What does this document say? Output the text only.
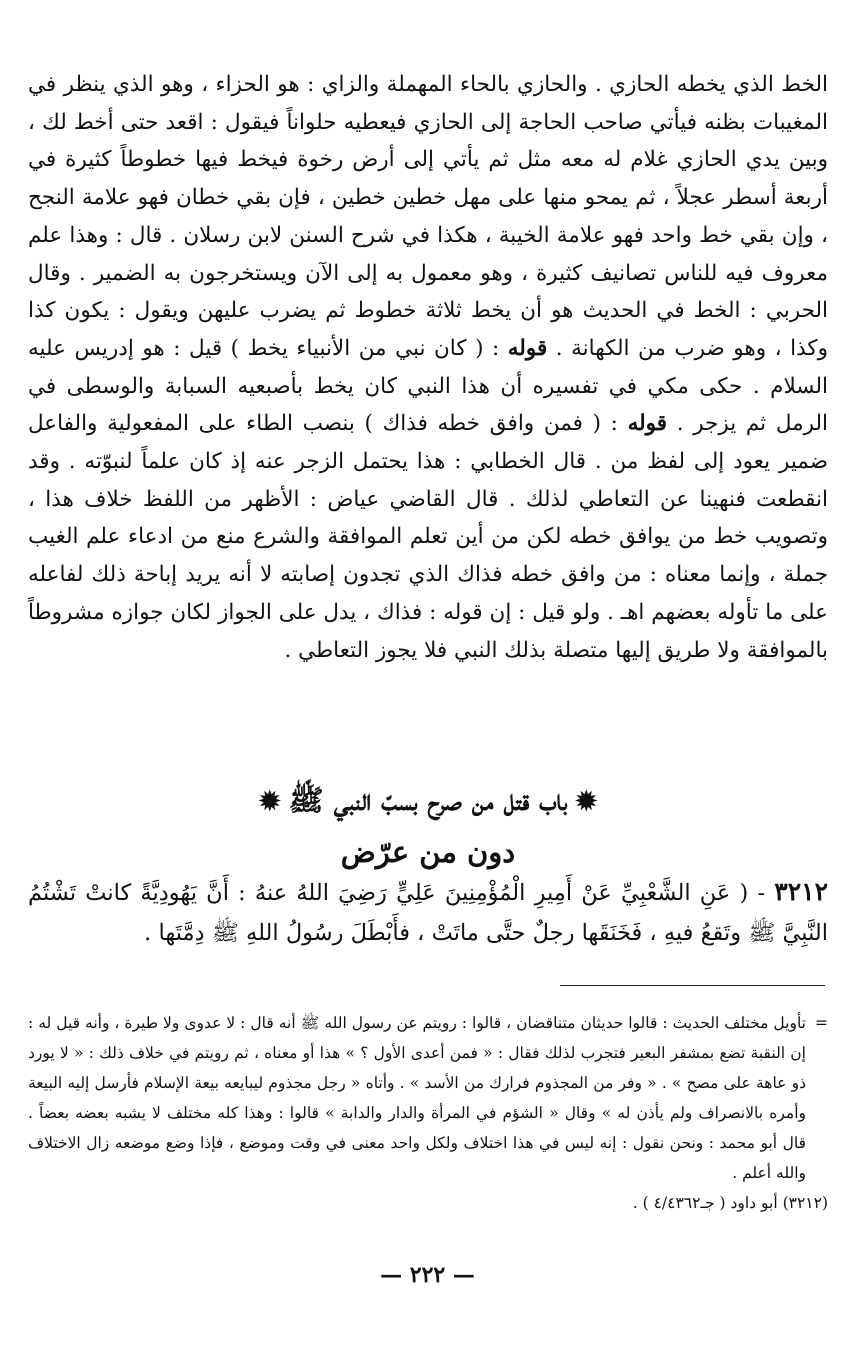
الخط الذي يخطه الحازي . والحازي بالحاء المهملة والزاي : هو الحزاء ، وهو الذي ينظر في المغيبات بظنه فيأتي صاحب الحاجة إلى الحازي فيعطيه حلواناً فيقول : اقعد حتى أخط لك ، وبين يدي الحازي غلام له معه مثل ثم يأتي إلى أرض رخوة فيخط فيها خطوطاً كثيرة في أربعة أسطر عجلاً ، ثم يمحو منها على مهل خطين خطين ، فإن بقي خطان فهو علامة النجح ، وإن بقي خط واحد فهو علامة الخيبة ، هكذا في شرح السنن لابن رسلان . قال : وهذا علم معروف فيه للناس تصانيف كثيرة ، وهو معمول به إلى الآن ويستخرجون به الضمير . وقال الحربي : الخط في الحديث هو أن يخط ثلاثة خطوط ثم يضرب عليهن ويقول : يكون كذا وكذا ، وهو ضرب من الكهانة . قوله : ( كان نبي من الأنبياء يخط ) قيل : هو إدريس عليه السلام . حكى مكي في تفسيره أن هذا النبي كان يخط بأصبعيه السبابة والوسطى في الرمل ثم يزجر . قوله : ( فمن وافق خطه فذاك ) بنصب الطاء على المفعولية والفاعل ضمير يعود إلى لفظ من . قال الخطابي : هذا يحتمل الزجر عنه إذ كان علماً لنبوّته . وقد انقطعت فنهينا عن التعاطي لذلك . قال القاضي عياض : الأظهر من اللفظ خلاف هذا ، وتصويب خط من يوافق خطه لكن من أين تعلم الموافقة والشرع منع من ادعاء علم الغيب جملة ، وإنما معناه : من وافق خطه فذاك الذي تجدون إصابته لا أنه يريد إباحة ذلك لفاعله على ما تأوله بعضهم اهـ . ولو قيل : إن قوله : فذاك ، يدل على الجواز لكان جوازه مشروطاً بالموافقة ولا طريق إليها متصلة بذلك النبي فلا يجوز التعاطي .

✹باب قتل من صرح بسبّ النبي ﷺ✹
دون من عرّض

٣٢١٢ - ( عَنِ الشَّعْبِيِّ عَنْ أَمِيرِ الْمُؤْمِنِينَ عَلِيٍّ رَضِيَ اللهُ عنهُ : أَنَّ يَهُودِيَّةً كانتْ تَشْتُمُ النَّبِيَّ ﷺ وتَقعُ فيهِ ، فَخَنَقَها رجلٌ حتَّى ماتَتْ ، فأَبْطَلَ رسُولُ اللهِ ﷺ دِمَّتَها .

=
تأويل مختلف الحديث : قالوا حديثان متناقضان ، قالوا : رويتم عن رسول الله ﷺ أنه قال : لا عدوى ولا طيرة ، وأنه قيل له : إن النقبة تضع بمشفر البعير فتجرب لذلك فقال : « فمن أعدى الأول ؟ » هذا أو معناه ، ثم رويتم في خلاف ذلك : « لا يورد ذو عاهة على مصح » . « وفر من المجذوم فرارك من الأسد » . وأتاه « رجل مجذوم ليبايعه بيعة الإسلام فأرسل إليه البيعة وأمره بالانصراف ولم يأذن له » وقال « الشؤم في المرأة والدار والدابة » قالوا : وهذا كله مختلف لا يشبه بعضه بعضاً . قال أبو محمد : ونحن نقول : إنه ليس في هذا اختلاف ولكل واحد معنى في وقت وموضع ، فإذا وضع موضعه زال الاختلاف والله أعلم .
(٣٢١٢) أبو داود ( جـ٤/٤٣٦٢ ) .
— ٢٢٢ —
